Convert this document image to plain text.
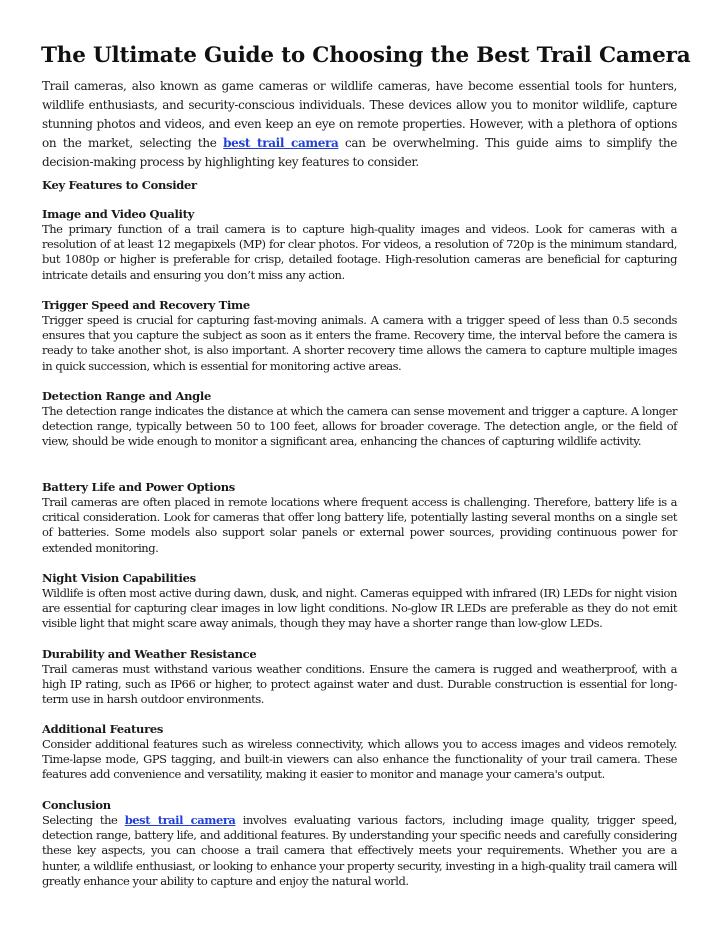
The Ultimate Guide to Choosing the Best Trail Camera
Trail cameras, also known as game cameras or wildlife cameras, have become essential tools for hunters, wildlife enthusiasts, and security-conscious individuals. These devices allow you to monitor wildlife, capture stunning photos and videos, and even keep an eye on remote properties. However, with a plethora of options on the market, selecting the best trail camera can be overwhelming. This guide aims to simplify the decision-making process by highlighting key features to consider.
Key Features to Consider
Image and Video Quality
The primary function of a trail camera is to capture high-quality images and videos. Look for cameras with a resolution of at least 12 megapixels (MP) for clear photos. For videos, a resolution of 720p is the minimum standard, but 1080p or higher is preferable for crisp, detailed footage. High-resolution cameras are beneficial for capturing intricate details and ensuring you don’t miss any action.
Trigger Speed and Recovery Time
Trigger speed is crucial for capturing fast-moving animals. A camera with a trigger speed of less than 0.5 seconds ensures that you capture the subject as soon as it enters the frame. Recovery time, the interval before the camera is ready to take another shot, is also important. A shorter recovery time allows the camera to capture multiple images in quick succession, which is essential for monitoring active areas.
Detection Range and Angle
The detection range indicates the distance at which the camera can sense movement and trigger a capture. A longer detection range, typically between 50 to 100 feet, allows for broader coverage. The detection angle, or the field of view, should be wide enough to monitor a significant area, enhancing the chances of capturing wildlife activity.
Battery Life and Power Options
Trail cameras are often placed in remote locations where frequent access is challenging. Therefore, battery life is a critical consideration. Look for cameras that offer long battery life, potentially lasting several months on a single set of batteries. Some models also support solar panels or external power sources, providing continuous power for extended monitoring.
Night Vision Capabilities
Wildlife is often most active during dawn, dusk, and night. Cameras equipped with infrared (IR) LEDs for night vision are essential for capturing clear images in low light conditions. No-glow IR LEDs are preferable as they do not emit visible light that might scare away animals, though they may have a shorter range than low-glow LEDs.
Durability and Weather Resistance
Trail cameras must withstand various weather conditions. Ensure the camera is rugged and weatherproof, with a high IP rating, such as IP66 or higher, to protect against water and dust. Durable construction is essential for long-term use in harsh outdoor environments.
Additional Features
Consider additional features such as wireless connectivity, which allows you to access images and videos remotely. Time-lapse mode, GPS tagging, and built-in viewers can also enhance the functionality of your trail camera. These features add convenience and versatility, making it easier to monitor and manage your camera's output.
Conclusion
Selecting the best trail camera involves evaluating various factors, including image quality, trigger speed, detection range, battery life, and additional features. By understanding your specific needs and carefully considering these key aspects, you can choose a trail camera that effectively meets your requirements. Whether you are a hunter, a wildlife enthusiast, or looking to enhance your property security, investing in a high-quality trail camera will greatly enhance your ability to capture and enjoy the natural world.
